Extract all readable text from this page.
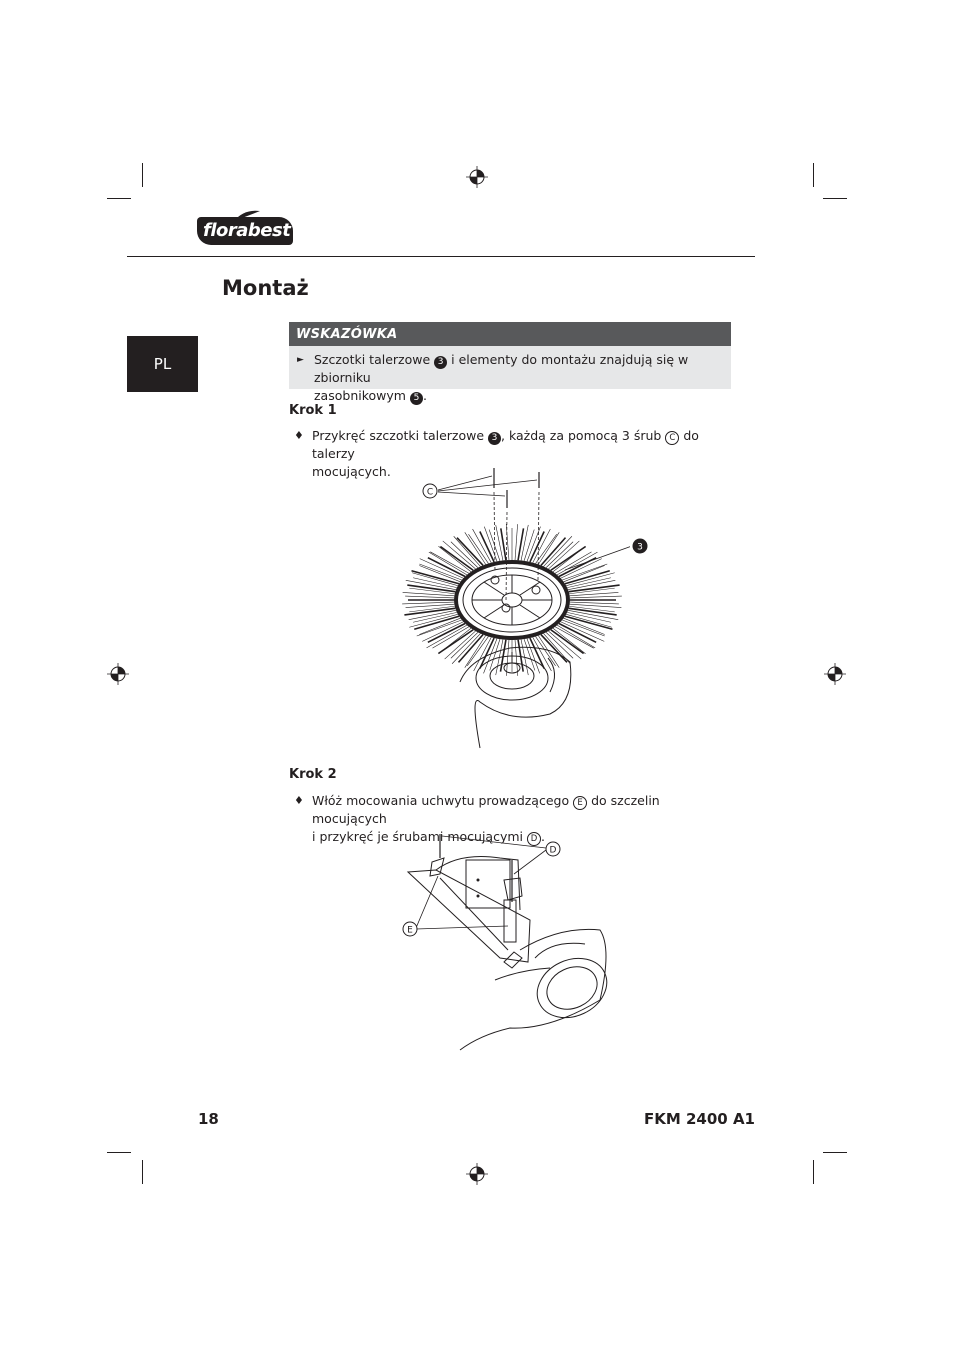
florabest
Montaż
PL
WSKAZÓWKA
► Szczotki talerzowe 3 i elementy do montażu znajdują się w zbiorniku
zasobnikowym 5 .
Krok 1
♦ Przykręć szczotki talerzowe 3 , każdą za pomocą 3 śrub C do talerzy
mocujących.
C
3
Krok 2
♦ Włóż mocowania uchwytu prowadzącego E do szczelin mocujących
i przykręć je śrubami mocującymi D .
D
E
18	FKM 2400 A1
